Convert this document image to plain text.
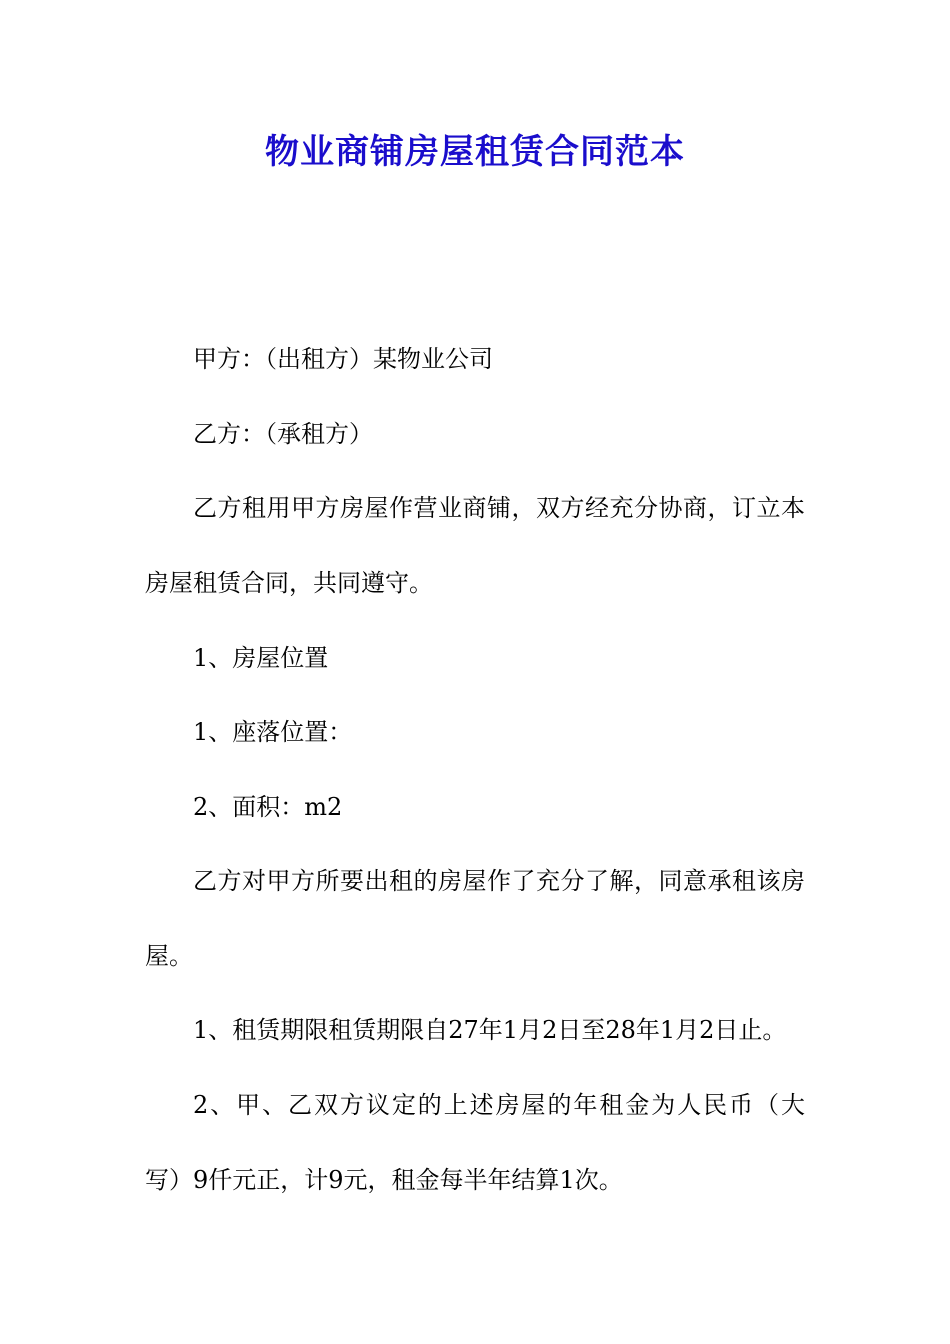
物业商铺房屋租赁合同范本
甲方：（出租方）某物业公司
乙方：（承租方）
乙方租用甲方房屋作营业商铺，双方经充分协商，订立本
房屋租赁合同，共同遵守。
1、房屋位置
1、座落位置：
2、面积：m2
乙方对甲方所要出租的房屋作了充分了解，同意承租该房
屋。
1、租赁期限租赁期限自27年1月2日至28年1月2日止。
2、甲、乙双方议定的上述房屋的年租金为人民币（大
写）9仟元正，计9元，租金每半年结算1次。
